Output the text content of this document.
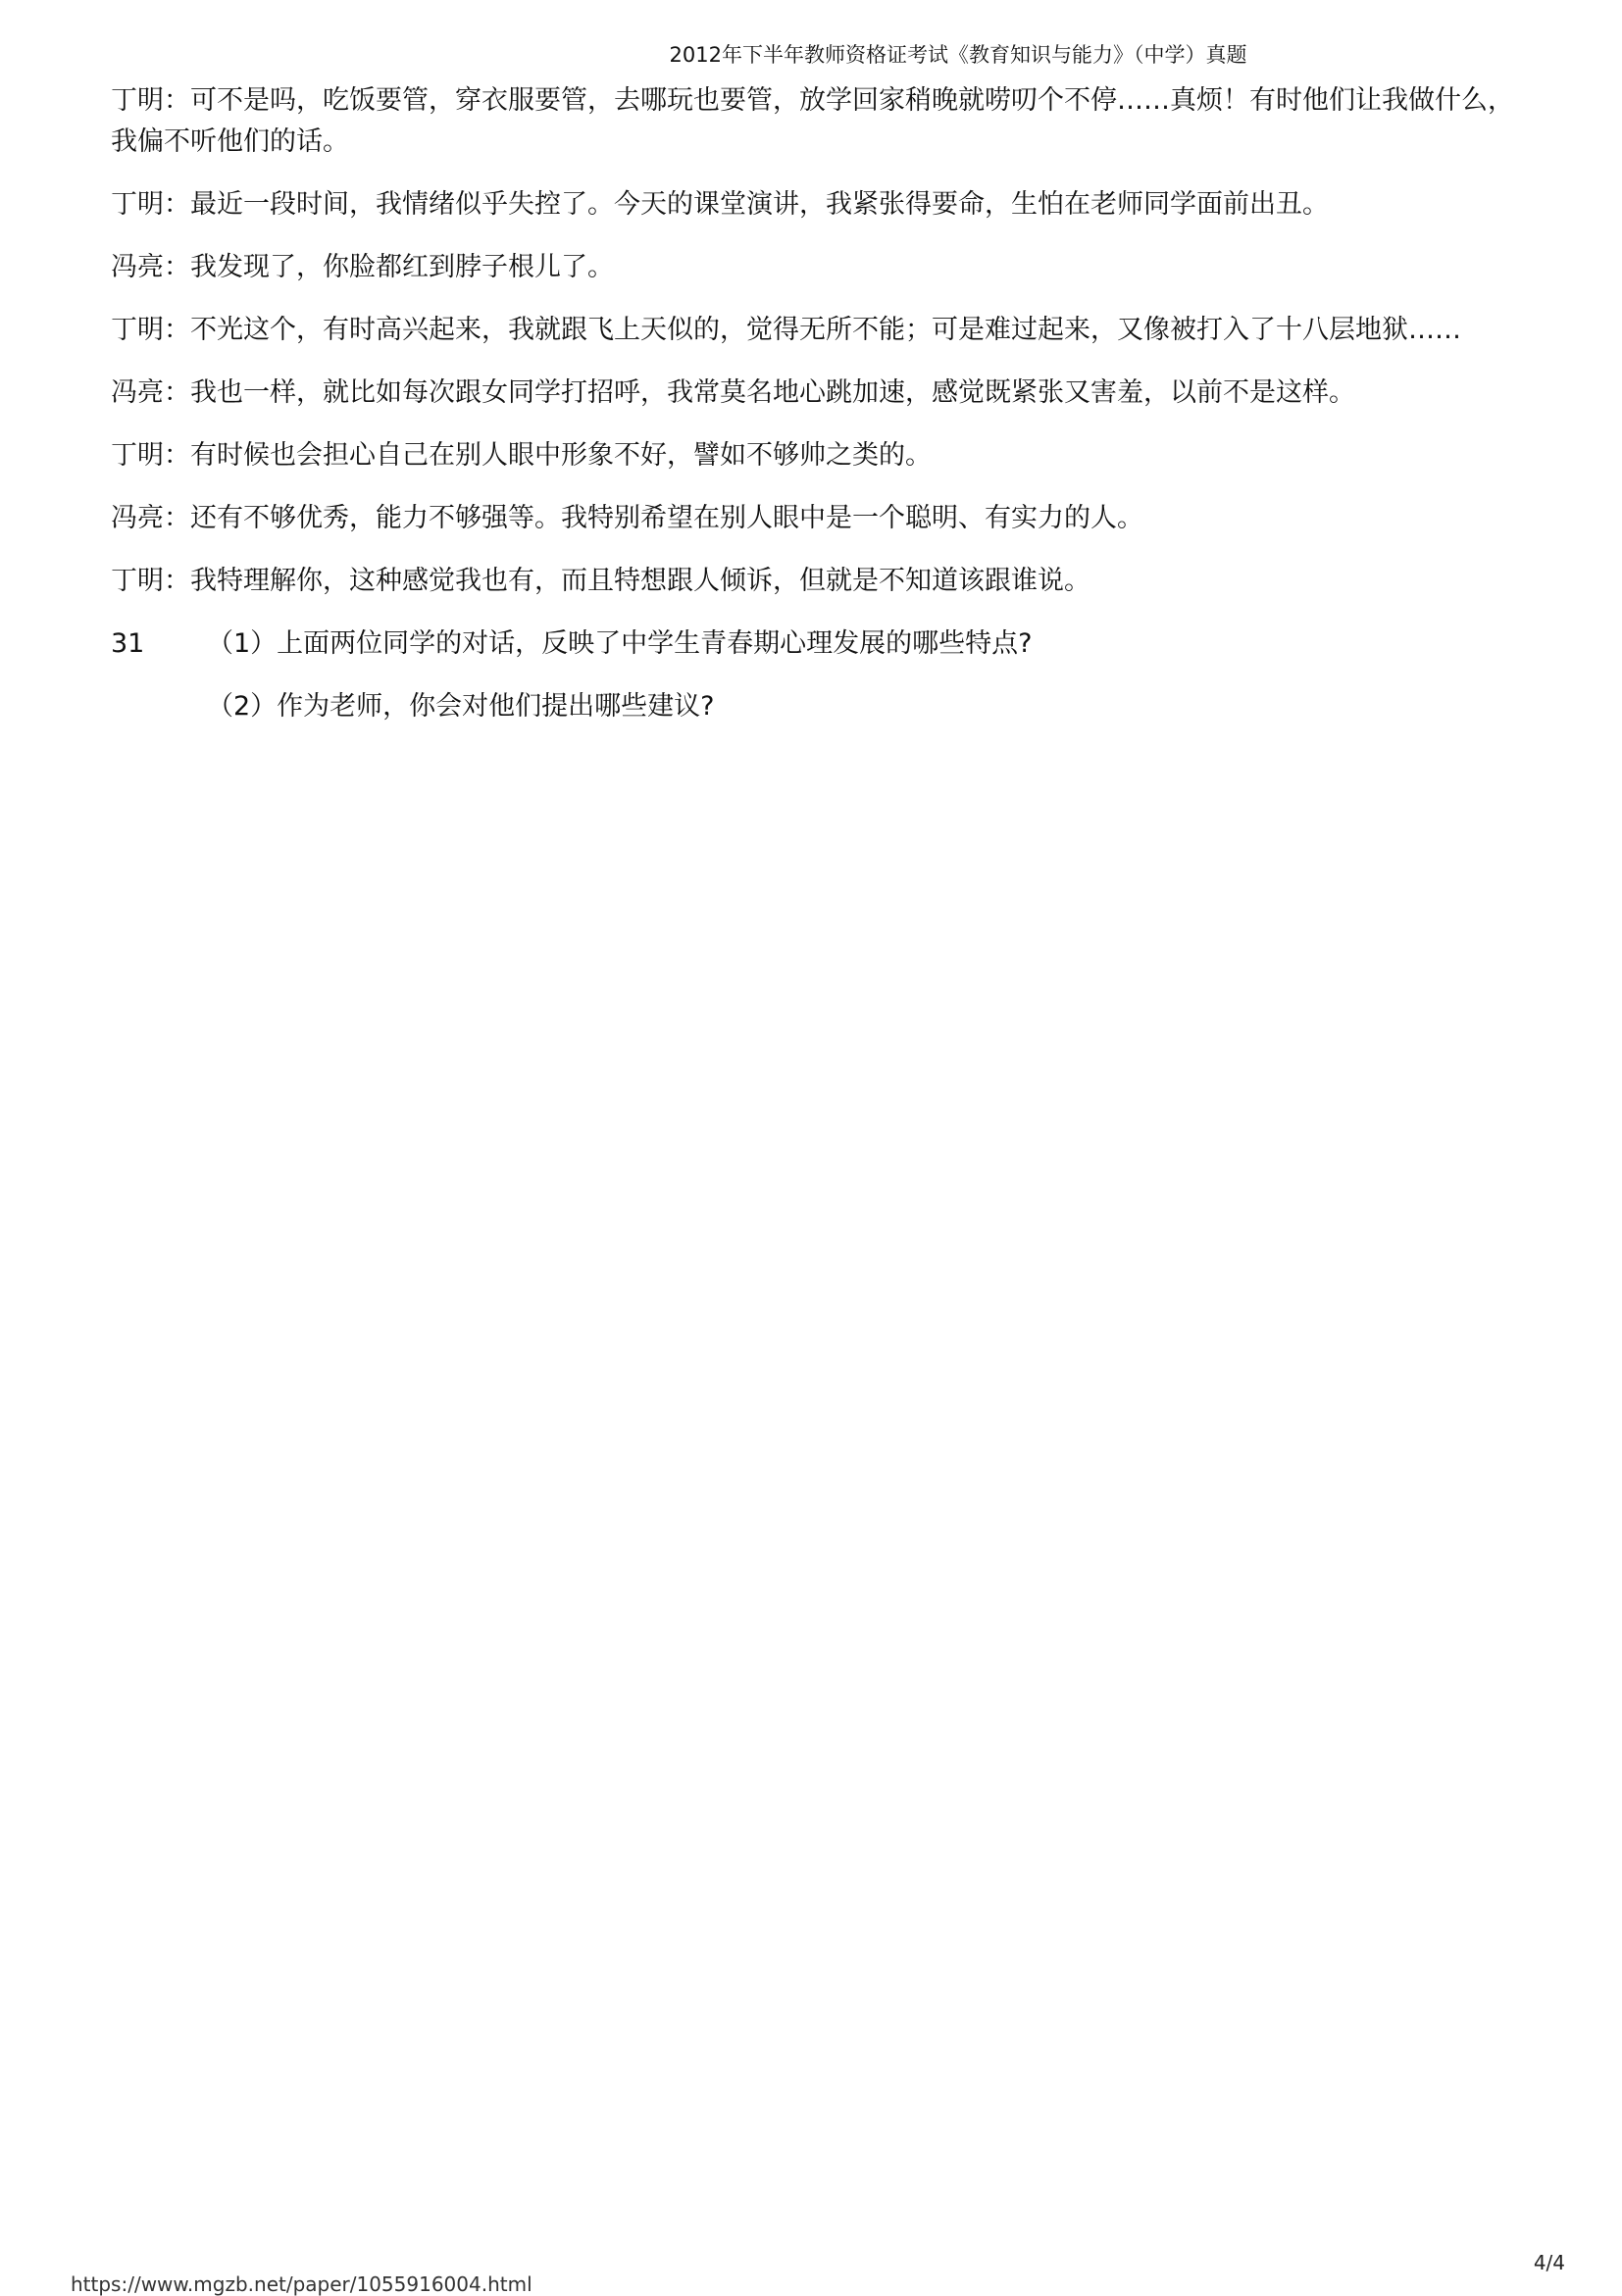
2012年下半年教师资格证考试《教育知识与能力》（中学）真题

丁明：可不是吗，吃饭要管，穿衣服要管，去哪玩也要管，放学回家稍晚就唠叨个不停……真烦！有时他们让我做什么，我偏不听他们的话。

丁明：最近一段时间，我情绪似乎失控了。今天的课堂演讲，我紧张得要命，生怕在老师同学面前出丑。

冯亮：我发现了，你脸都红到脖子根儿了。

丁明：不光这个，有时高兴起来，我就跟飞上天似的，觉得无所不能；可是难过起来，又像被打入了十八层地狱……

冯亮：我也一样，就比如每次跟女同学打招呼，我常莫名地心跳加速，感觉既紧张又害羞，以前不是这样。

丁明：有时候也会担心自己在别人眼中形象不好，譬如不够帅之类的。

冯亮：还有不够优秀，能力不够强等。我特别希望在别人眼中是一个聪明、有实力的人。

丁明：我特理解你，这种感觉我也有，而且特想跟人倾诉，但就是不知道该跟谁说。

31 （1）上面两位同学的对话，反映了中学生青春期心理发展的哪些特点?
（2）作为老师，你会对他们提出哪些建议?
https://www.mgzb.net/paper/1055916004.html
4/4
